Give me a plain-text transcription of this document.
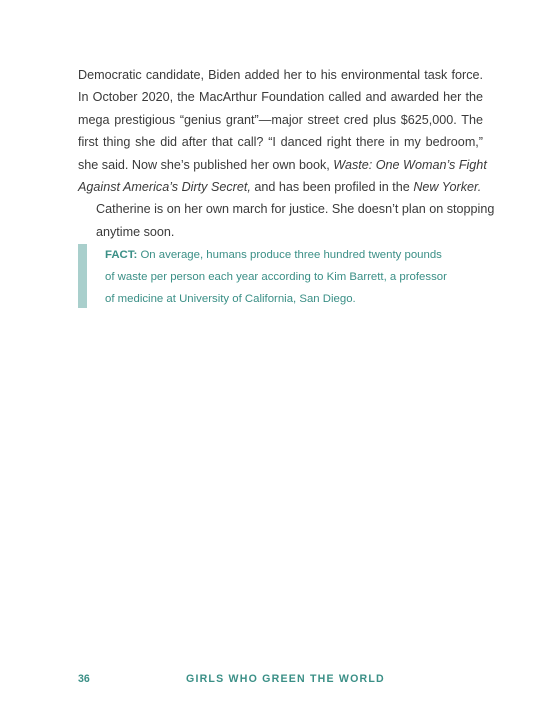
Democratic candidate, Biden added her to his environmental task force.
In October 2020, the MacArthur Foundation called and awarded her the
mega prestigious “genius grant”—major street cred plus $625,000. The
first thing she did after that call? “I danced right there in my bedroom,”
she said. Now she’s published her own book, Waste: One Woman’s Fight
Against America’s Dirty Secret, and has been profiled in the New Yorker.

Catherine is on her own march for justice. She doesn’t plan on stopping
anytime soon.

FACT: On average, humans produce three hundred twenty pounds
of waste per person each year according to Kim Barrett, a professor
of medicine at University of California, San Diego.
36	GIRLS WHO GREEN THE WORLD
